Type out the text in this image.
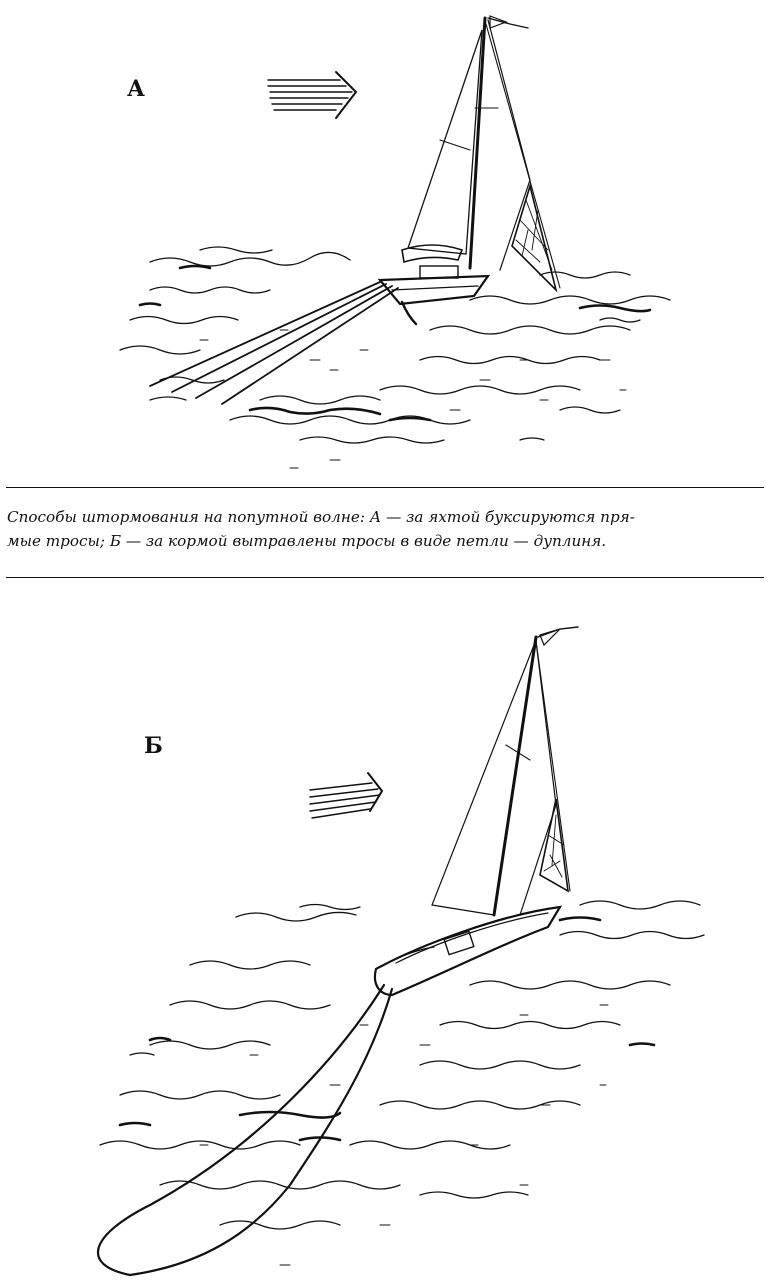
А

Способы штормования на попутной волне: А — за яхтой буксируются пря-
мые тросы; Б — за кормой вытравлены тросы в виде петли — дуплиня.

Б
